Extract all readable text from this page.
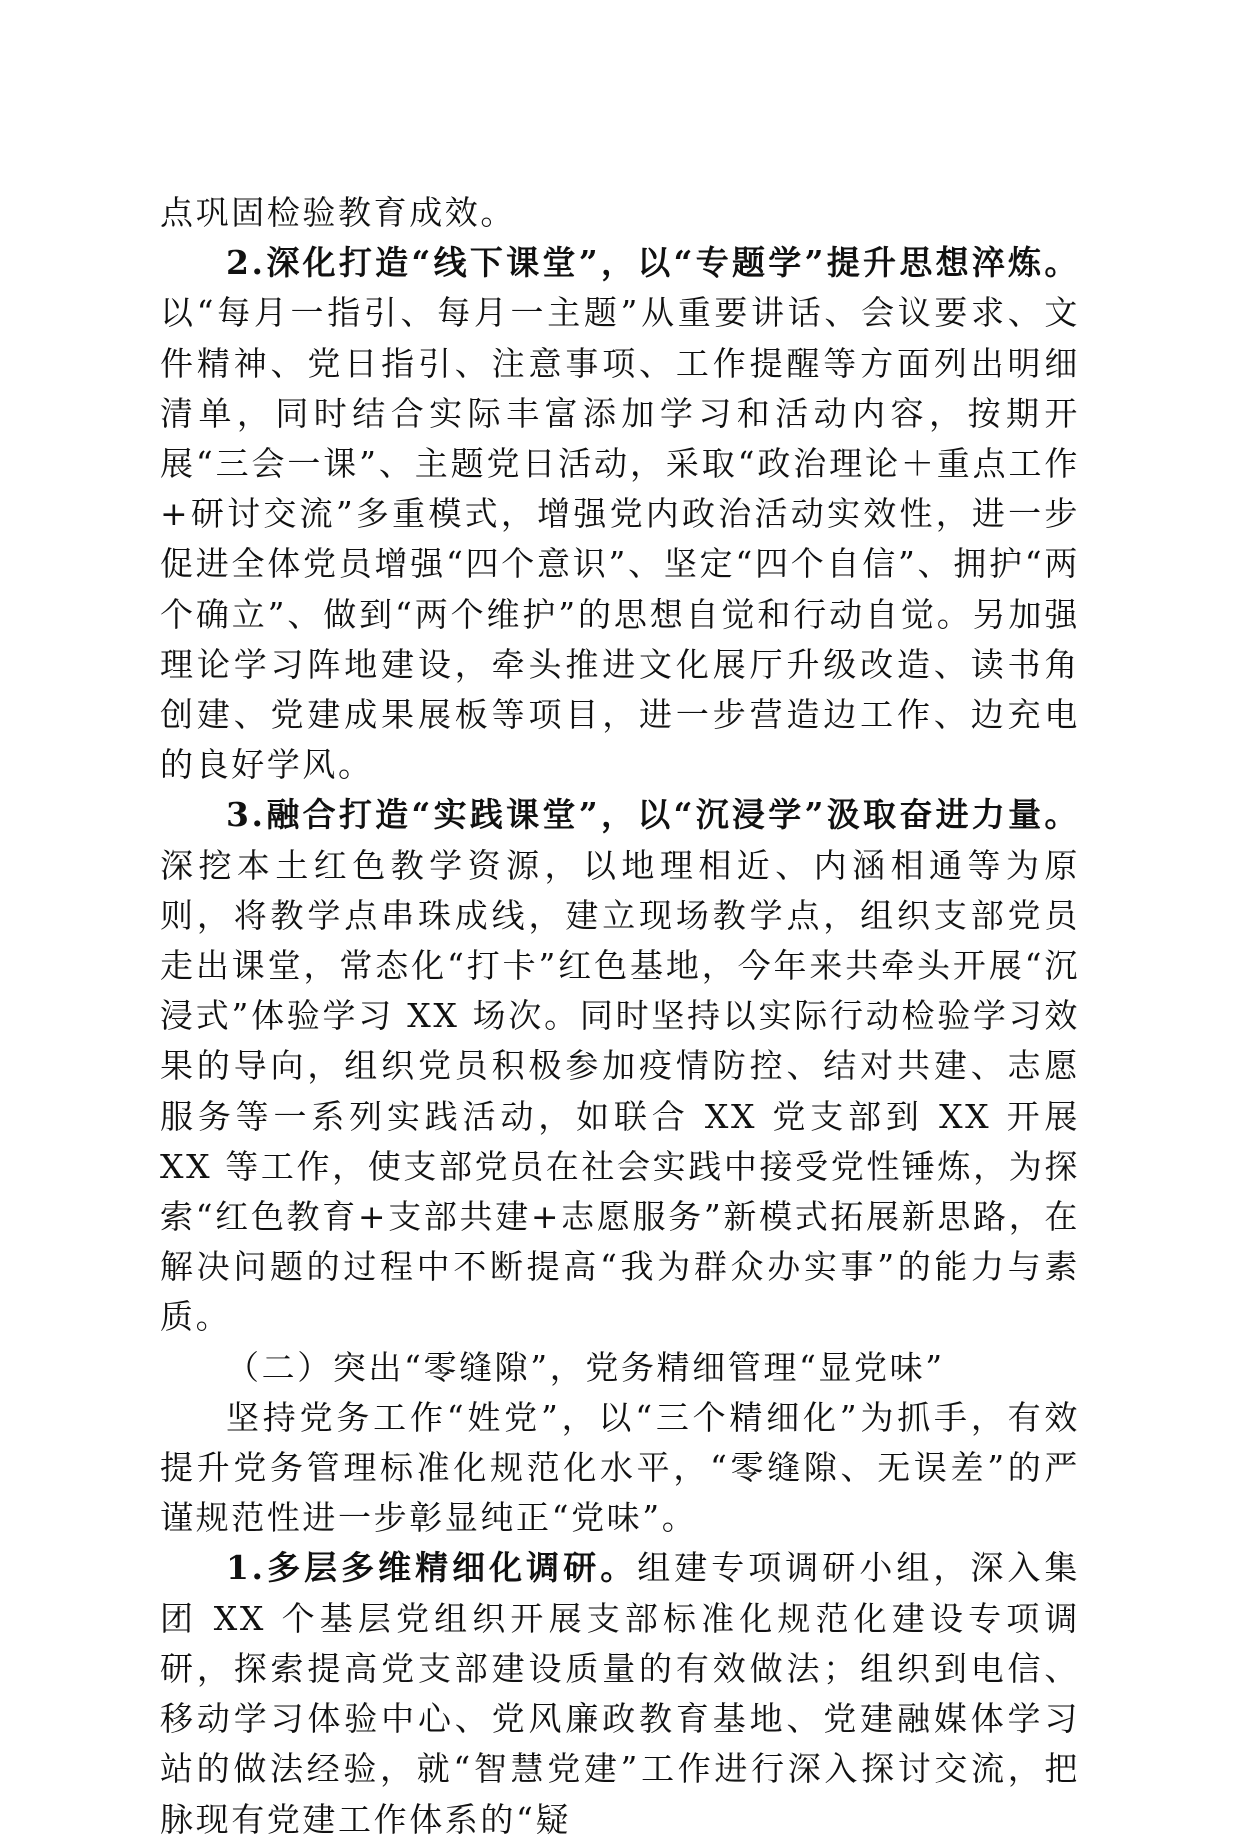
点巩固检验教育成效。

2.深化打造“线下课堂”，以“专题学”提升思想淬炼。以“每月一指引、每月一主题”从重要讲话、会议要求、文件精神、党日指引、注意事项、工作提醒等方面列出明细清单，同时结合实际丰富添加学习和活动内容，按期开展“三会一课”、主题党日活动，采取“政治理论＋重点工作+研讨交流”多重模式，增强党内政治活动实效性，进一步促进全体党员增强“四个意识”、坚定“四个自信”、拥护“两个确立”、做到“两个维护”的思想自觉和行动自觉。另加强理论学习阵地建设，牵头推进文化展厅升级改造、读书角创建、党建成果展板等项目，进一步营造边工作、边充电的良好学风。

3.融合打造“实践课堂”，以“沉浸学”汲取奋进力量。深挖本土红色教学资源，以地理相近、内涵相通等为原则，将教学点串珠成线，建立现场教学点，组织支部党员走出课堂，常态化“打卡”红色基地，今年来共牵头开展“沉浸式”体验学习 XX 场次。同时坚持以实际行动检验学习效果的导向，组织党员积极参加疫情防控、结对共建、志愿服务等一系列实践活动，如联合 XX 党支部到 XX 开展 XX 等工作，使支部党员在社会实践中接受党性锤炼，为探索“红色教育+支部共建+志愿服务”新模式拓展新思路，在解决问题的过程中不断提高“我为群众办实事”的能力与素质。

（二）突出“零缝隙”，党务精细管理“显党味”

坚持党务工作“姓党”，以“三个精细化”为抓手，有效提升党务管理标准化规范化水平，“零缝隙、无误差”的严谨规范性进一步彰显纯正“党味”。

1.多层多维精细化调研。组建专项调研小组，深入集团 XX 个基层党组织开展支部标准化规范化建设专项调研，探索提高党支部建设质量的有效做法；组织到电信、移动学习体验中心、党风廉政教育基地、党建融媒体学习站的做法经验，就“智慧党建”工作进行深入探讨交流，把脉现有党建工作体系的“疑
